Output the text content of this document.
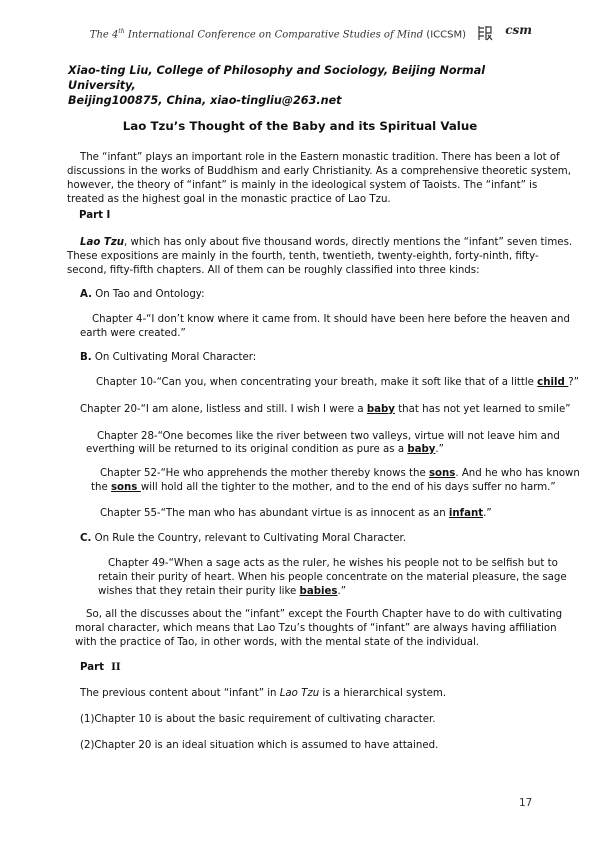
The 4th International Conference on Comparative Studies of Mind (ICCSM)	csm
Xiao-ting Liu, College of Philosophy and Sociology, Beijing Normal University,
Beijing100875, China, xiao-tingliu@263.net
Lao Tzu’s Thought of the Baby and its Spiritual Value
The “infant” plays an important role in the Eastern monastic tradition. There has been a lot of
discussions in the works of Buddhism and early Christianity. As a comprehensive theoretic system,
however, the theory of “infant” is mainly in the ideological system of Taoists. The “infant” is
treated as the highest goal in the monastic practice of Lao Tzu.
Part I
Lao Tzu, which has only about five thousand words, directly mentions the “infant” seven times.
These expositions are mainly in the fourth, tenth, twentieth, twenty-eighth, forty-ninth, fifty-
second, fifty-fifth chapters. All of them can be roughly classified into three kinds:
A. On Tao and Ontology:
Chapter 4-“I don’t know where it came from. It should have been here before the heaven and
earth were created.”
B. On Cultivating Moral Character:
Chapter 10-“Can you, when concentrating your breath, make it soft like that of a little child ?”
Chapter 20-“I am alone, listless and still. I wish I were a baby that has not yet learned to smile”
Chapter 28-“One becomes like the river between two valleys, virtue will not leave him and
everthing will be returned to its original condition as pure as a baby.”
Chapter 52-“He who apprehends the mother thereby knows the sons. And he who has known
the sons will hold all the tighter to the mother, and to the end of his days suffer no harm.”
Chapter 55-“The man who has abundant virtue is as innocent as an infant.”
C. On Rule the Country, relevant to Cultivating Moral Character.
Chapter 49-“When a sage acts as the ruler, he wishes his people not to be selfish but to
retain their purity of heart. When his people concentrate on the material pleasure, the sage
wishes that they retain their purity like babies.”
So, all the discusses about the “infant” except the Fourth Chapter have to do with cultivating
moral character, which means that Lao Tzu’s thoughts of “infant” are always having affiliation
with the practice of Tao, in other words, with the mental state of the individual.
Part II
The previous content about “infant” in Lao Tzu is a hierarchical system.
(1)Chapter 10 is about the basic requirement of cultivating character.
(2)Chapter 20 is an ideal situation which is assumed to have attained.
17
